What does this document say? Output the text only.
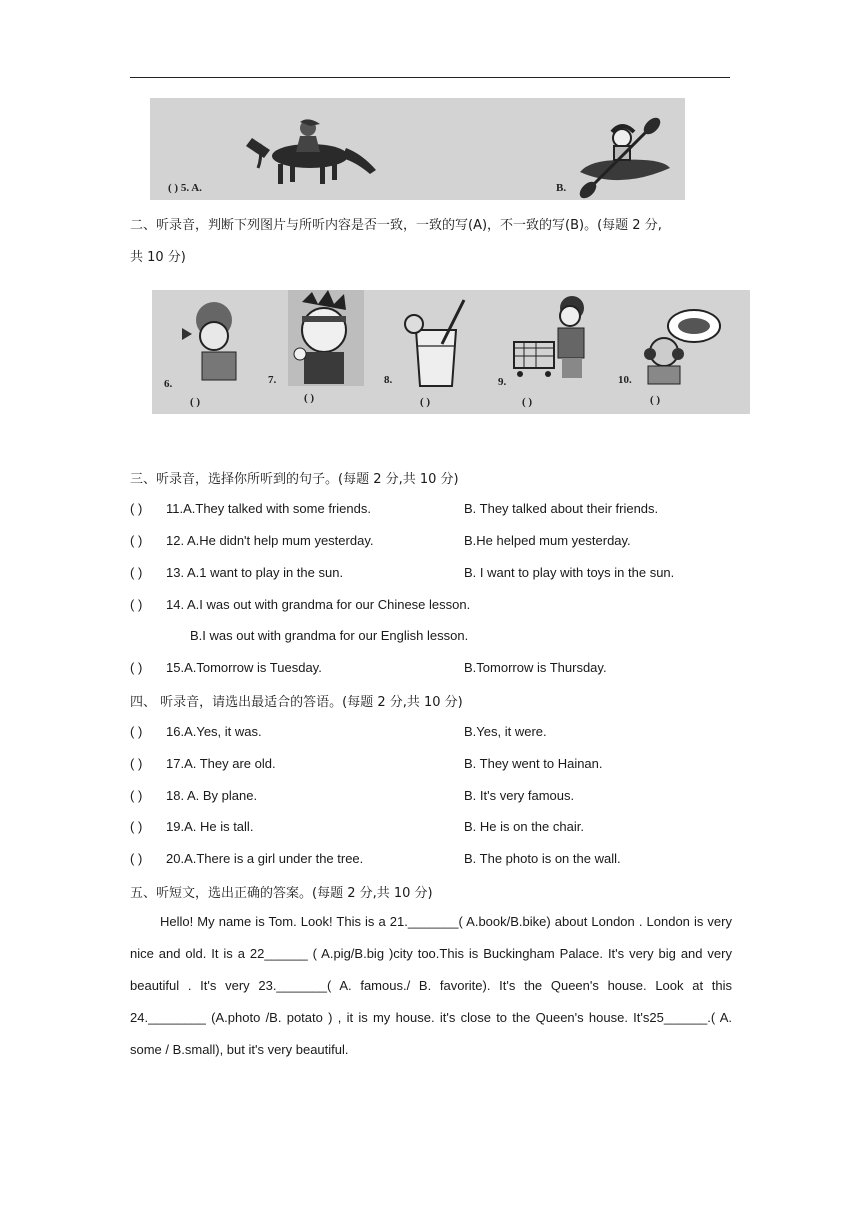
( ) 5. A.	B.
二、听录音，判断下列图片与所听内容是否一致，一致的写(A)，不一致的写(B)。(每题 2 分,
共 10 分)
6.
( )
7.
( )
8.
( )
9.
( )
10.
( )
三、听录音，选择你所听到的句子。(每题 2 分,共 10 分)
( ) 11.A.They talked with some friends.	B. They talked about their friends.
( ) 12. A.He didn't help mum yesterday.	B.He helped mum yesterday.
( ) 13. A.1 want to play in the sun.	B. I want to play with toys in the sun.
( ) 14. A.I was out with grandma for our Chinese lesson.
B.I was out with grandma for our English lesson.
( ) 15.A.Tomorrow is Tuesday.	B.Tomorrow is Thursday.
四、 听录音，请选出最适合的答语。(每题 2 分,共 10 分)
( ) 16.A.Yes, it was.	B.Yes, it were.
( ) 17.A. They are old.	B. They went to Hainan.
( ) 18. A. By plane.	B. It's very famous.
( ) 19.A. He is tall.	B. He is on the chair.
( ) 20.A.There is a girl under the tree.	B. The photo is on the wall.
五、听短文，选出正确的答案。(每题 2 分,共 10 分)

Hello! My name is Tom. Look! This is a 21._______( A.book/B.bike) about London . London is very nice and old. It is a 22______ ( A.pig/B.big )city too.This is Buckingham Palace. It's very big and very beautiful . It's very 23._______( A. famous./ B. favorite). It's the Queen's house. Look at this 24.________ (A.photo /B. potato ) , it is my house. it's close to the Queen's house. It's25______.( A. some / B.small), but it's very beautiful.
